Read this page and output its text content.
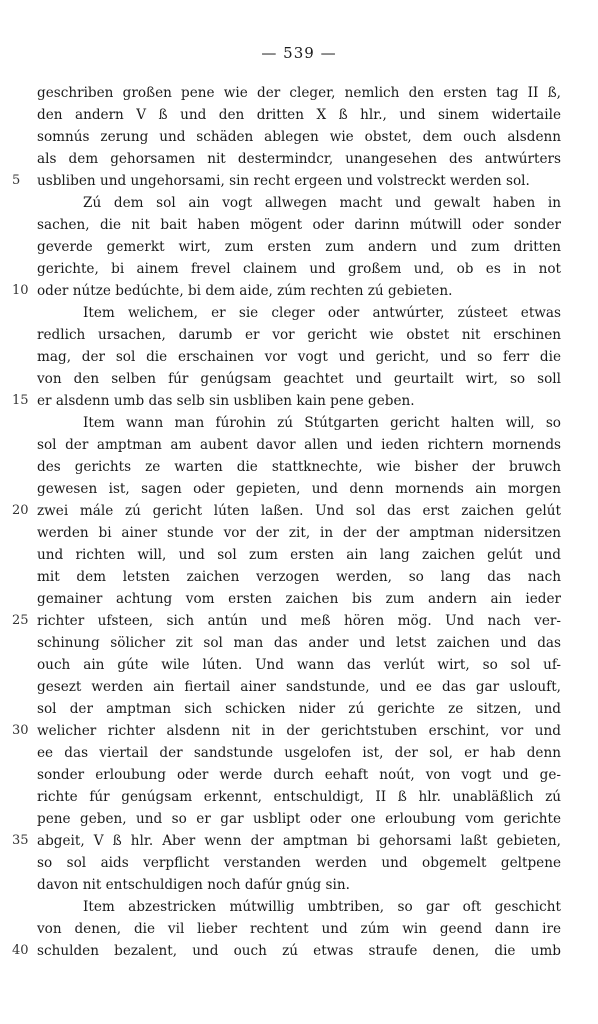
— 539 —
geschriben großen pene wie der cleger, nemlich den ersten tag II ß,
den andern V ß und den dritten X ß hlr., und sinem widertaile
somnús zerung und schäden ablegen wie obstet, dem ouch alsdenn
als dem gehorsamen nit destermindcr, unangesehen des antwúrters
5	usbliben und ungehorsami, sin recht ergeen und volstreckt werden sol.
Zú dem sol ain vogt allwegen macht und gewalt haben in
sachen, die nit bait haben mögent oder darinn mútwill oder sonder
geverde gemerkt wirt, zum ersten zum andern und zum dritten
gerichte, bi ainem frevel clainem und großem und, ob es in not
10 oder nútze bedúchte, bi dem aide, zúm rechten zú gebieten.
Item welichem, er sie cleger oder antwúrter, zústeet etwas
redlich ursachen, darumb er vor gericht wie obstet nit erschinen
mag, der sol die erschainen vor vogt und gericht, und so ferr die
von den selben fúr genúgsam geachtet und geurtailt wirt, so soll
15 er alsdenn umb das selb sin usbliben kain pene geben.
Item wann man fúrohin zú Stútgarten gericht halten will, so
sol der amptman am aubent davor allen und ieden richtern mornends
des gerichts ze warten die stattknechte, wie bisher der bruwch
gewesen ist, sagen oder gepieten, und denn mornends ain morgen
20 zwei mále zú gericht lúten laßen. Und sol das erst zaichen gelút
werden bi ainer stunde vor der zit, in der der amptman nidersitzen
und richten will, und sol zum ersten ain lang zaichen gelút und
mit dem letsten zaichen verzogen werden, so lang das nach
gemainer achtung vom ersten zaichen bis zum andern ain ieder
25 richter ufsteen, sich antún und meß hören mög. Und nach ver-
schinung sölicher zit sol man das ander und letst zaichen und das
ouch ain gúte wile lúten. Und wann das verlút wirt, so sol uf-
gesezt werden ain fiertail ainer sandstunde, und ee das gar uslouft,
sol der amptman sich schicken nider zú gerichte ze sitzen, und
30 welicher richter alsdenn nit in der gerichtstuben erschint, vor und
ee das viertail der sandstunde usgelofen ist, der sol, er hab denn
sonder erloubung oder werde durch eehaft noút, von vogt und ge-
richte fúr genúgsam erkennt, entschuldigt, II ß hlr. unabläßlich zú
pene geben, und so er gar usblipt oder one erloubung vom gerichte
35 abgeit, V ß hlr. Aber wenn der amptman bi gehorsami laßt gebieten,
so sol aids verpflicht verstanden werden und obgemelt geltpene
davon nit entschuldigen noch dafúr gnúg sin.
Item abzestricken mútwillig umbtriben, so gar oft geschicht
von denen, die vil lieber rechtent und zúm win geend dann ire
40 schulden bezalent, und ouch zú etwas straufe denen, die umb
